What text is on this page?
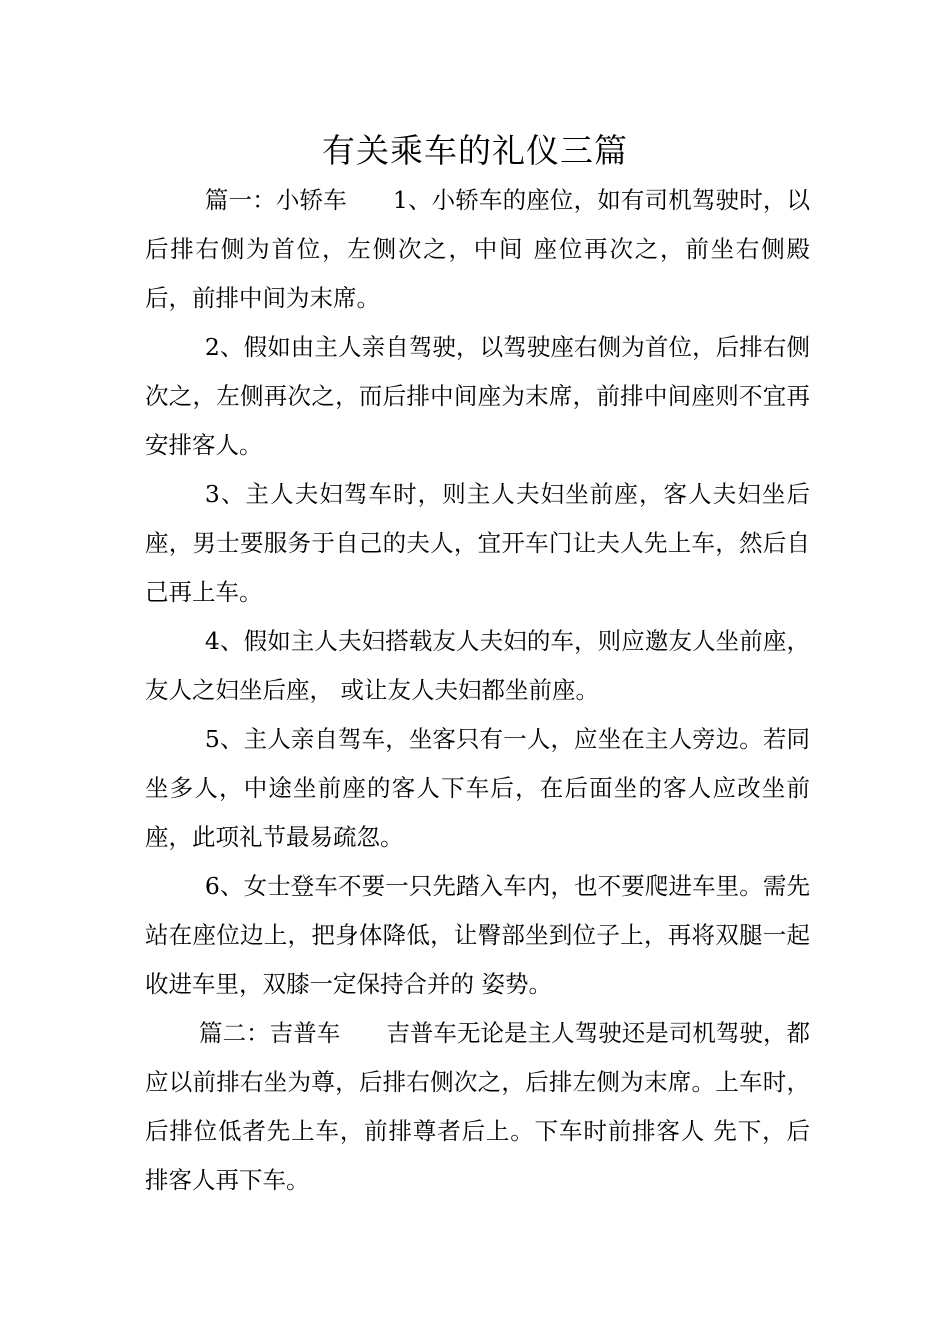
有关乘车的礼仪三篇

篇一：小轿车 1、小轿车的座位，如有司机驾驶时，以后排右侧为首位，左侧次之，中间 座位再次之，前坐右侧殿后，前排中间为末席。

2、假如由主人亲自驾驶，以驾驶座右侧为首位，后排右侧次之，左侧再次之，而后排中间座为末席，前排中间座则不宜再安排客人。

3、主人夫妇驾车时，则主人夫妇坐前座，客人夫妇坐后座，男士要服务于自己的夫人，宜开车门让夫人先上车，然后自己再上车。

4、假如主人夫妇搭载友人夫妇的车，则应邀友人坐前座，友人之妇坐后座， 或让友人夫妇都坐前座。

5、主人亲自驾车，坐客只有一人，应坐在主人旁边。若同坐多人，中途坐前座的客人下车后，在后面坐的客人应改坐前座，此项礼节最易疏忽。

6、女士登车不要一只先踏入车内，也不要爬进车里。需先站在座位边上，把身体降低，让臀部坐到位子上，再将双腿一起收进车里，双膝一定保持合并的 姿势。

篇二：吉普车 吉普车无论是主人驾驶还是司机驾驶，都应以前排右坐为尊，后排右侧次之，后排左侧为末席。上车时，后排位低者先上车，前排尊者后上。下车时前排客人 先下，后排客人再下车。
